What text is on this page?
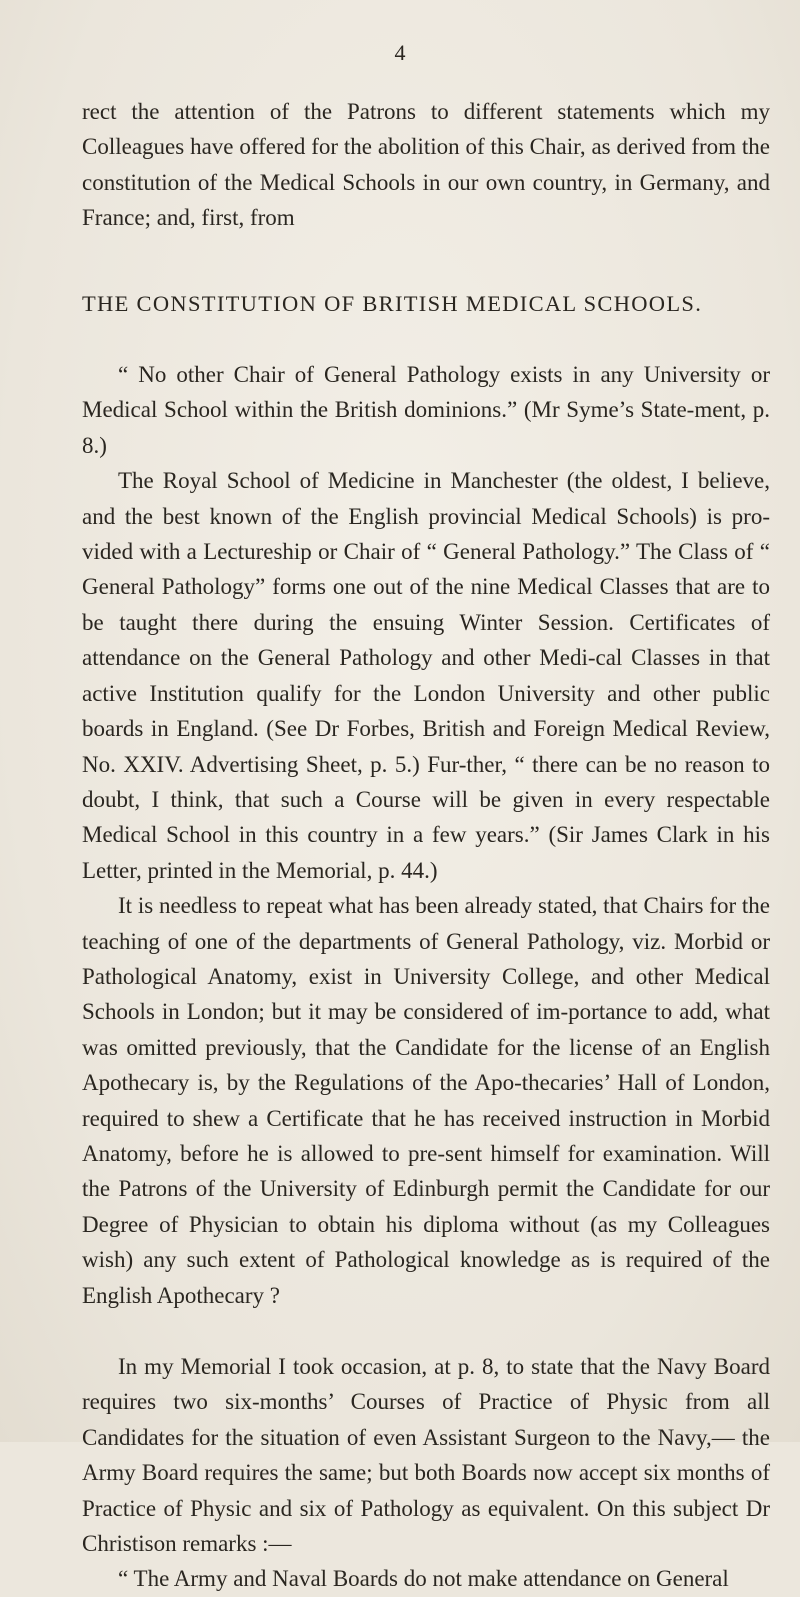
4

rect the attention of the Patrons to different statements which my Colleagues have offered for the abolition of this Chair, as derived from the constitution of the Medical Schools in our own country, in Germany, and France; and, first, from

THE CONSTITUTION OF BRITISH MEDICAL SCHOOLS.

“ No other Chair of General Pathology exists in any University or Medical School within the British dominions.” (Mr Syme’s State-ment, p. 8.)

The Royal School of Medicine in Manchester (the oldest, I believe, and the best known of the English provincial Medical Schools) is pro-vided with a Lectureship or Chair of “ General Pathology.” The Class of “ General Pathology” forms one out of the nine Medical Classes that are to be taught there during the ensuing Winter Session. Certificates of attendance on the General Pathology and other Medi-cal Classes in that active Institution qualify for the London University and other public boards in England. (See Dr Forbes, British and Foreign Medical Review, No. XXIV. Advertising Sheet, p. 5.) Fur-ther, “ there can be no reason to doubt, I think, that such a Course will be given in every respectable Medical School in this country in a few years.” (Sir James Clark in his Letter, printed in the Memorial, p. 44.)

It is needless to repeat what has been already stated, that Chairs for the teaching of one of the departments of General Pathology, viz. Morbid or Pathological Anatomy, exist in University College, and other Medical Schools in London; but it may be considered of im-portance to add, what was omitted previously, that the Candidate for the license of an English Apothecary is, by the Regulations of the Apo-thecaries’ Hall of London, required to shew a Certificate that he has received instruction in Morbid Anatomy, before he is allowed to pre-sent himself for examination. Will the Patrons of the University of Edinburgh permit the Candidate for our Degree of Physician to obtain his diploma without (as my Colleagues wish) any such extent of Pathological knowledge as is required of the English Apothecary ?

In my Memorial I took occasion, at p. 8, to state that the Navy Board requires two six-months’ Courses of Practice of Physic from all Candidates for the situation of even Assistant Surgeon to the Navy,— the Army Board requires the same; but both Boards now accept six months of Practice of Physic and six of Pathology as equivalent. On this subject Dr Christison remarks :—

“ The Army and Naval Boards do not make attendance on General
